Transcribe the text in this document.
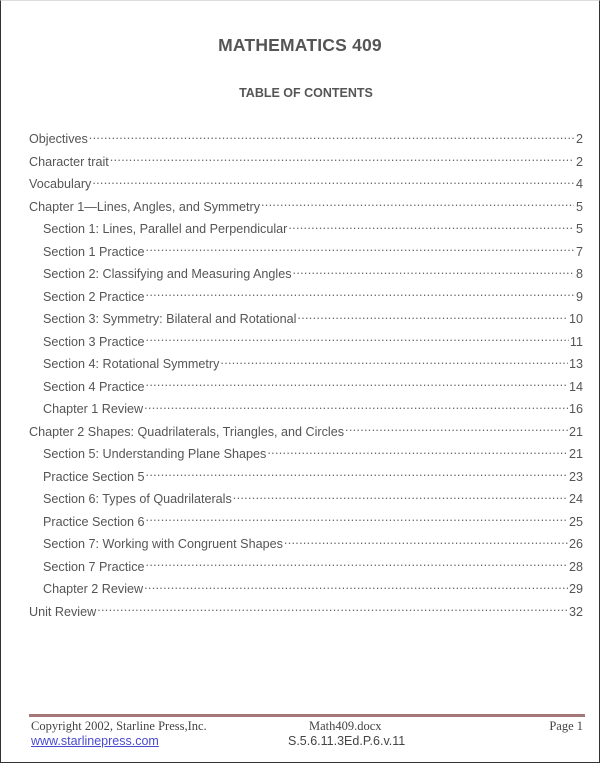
MATHEMATICS 409
TABLE OF CONTENTS
Objectives .....	2
Character trait .....	2
Vocabulary .....	4
Chapter 1—Lines, Angles, and Symmetry .....	5
Section 1: Lines, Parallel and Perpendicular .....	5
Section 1 Practice .....	7
Section 2: Classifying and Measuring Angles .....	8
Section 2 Practice .....	9
Section 3: Symmetry: Bilateral and Rotational .....	10
Section 3 Practice .....	11
Section 4: Rotational Symmetry .....	13
Section 4 Practice .....	14
Chapter 1 Review .....	16
Chapter 2 Shapes: Quadrilaterals, Triangles, and Circles .....	21
Section 5: Understanding Plane Shapes .....	21
Practice Section 5 .....	23
Section 6: Types of Quadrilaterals .....	24
Practice Section 6 .....	25
Section 7: Working with Congruent Shapes .....	26
Section 7 Practice .....	28
Chapter 2 Review .....	29
Unit Review .....	32
Copyright 2002, Starline Press,Inc.	Math409.docx	Page 1
www.starlinepress.com	S.5.6.11.3Ed.P.6.v.11
